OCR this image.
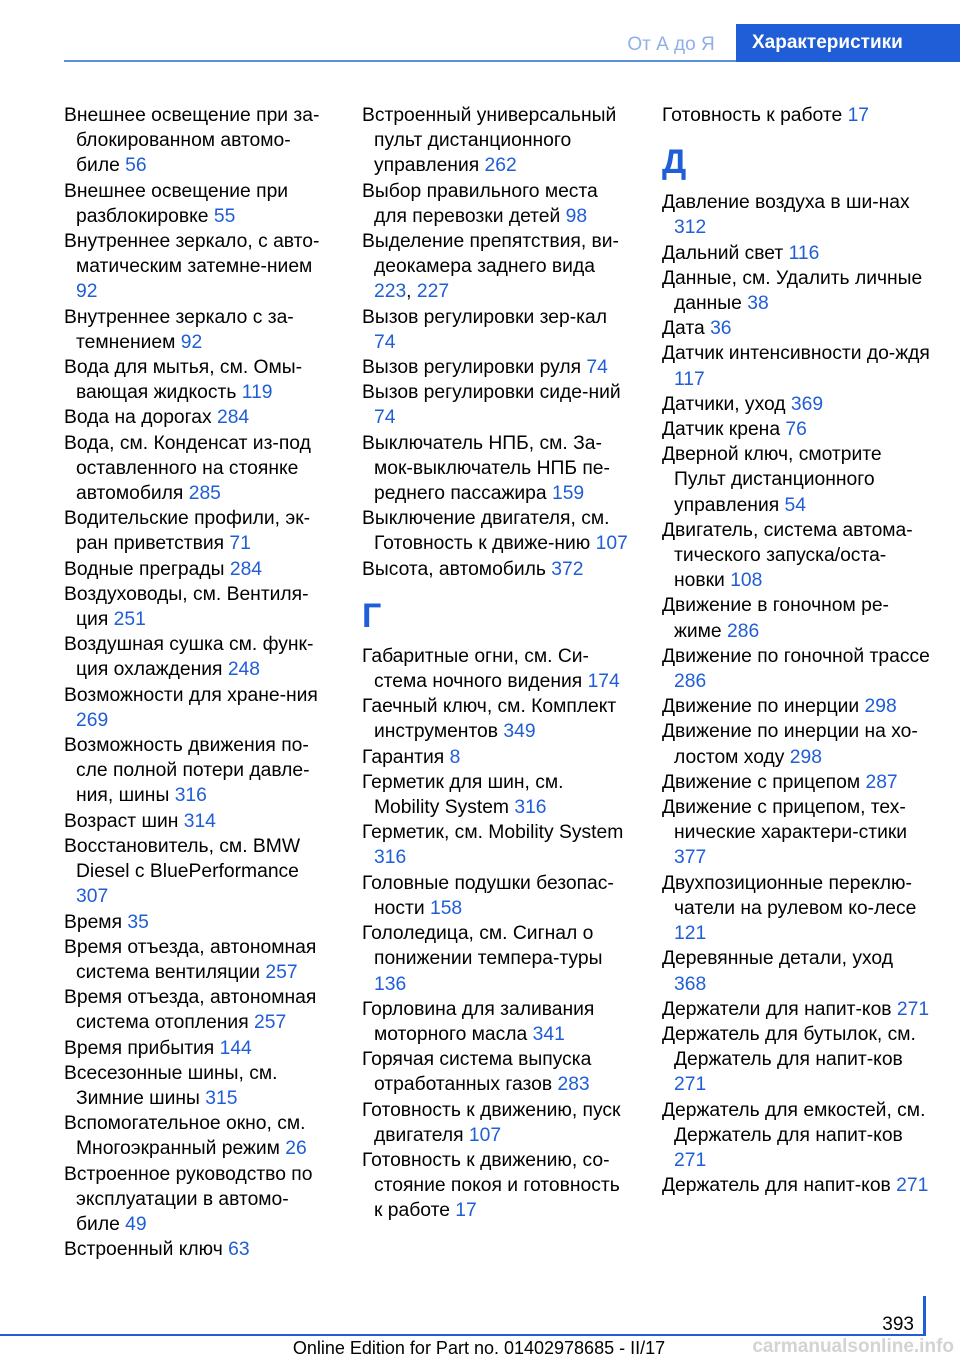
От А до Я	Характеристики
Внешнее освещение при за-блокированном автомо-биле 56
Внешнее освещение при разблокировке 55
Внутреннее зеркало, с авто-матическим затемне-нием 92
Внутреннее зеркало с за-темнением 92
Вода для мытья, см. Омы-вающая жидкость 119
Вода на дорогах 284
Вода, см. Конденсат из-под оставленного на стоянке автомобиля 285
Водительские профили, эк-ран приветствия 71
Водные преграды 284
Воздуховоды, см. Вентиля-ция 251
Воздушная сушка см. функ-ция охлаждения 248
Возможности для хране-ния 269
Возможность движения по-сле полной потери давле-ния, шины 316
Возраст шин 314
Восстановитель, см. BMW Diesel с BluePerformance 307
Время 35
Время отъезда, автономная система вентиляции 257
Время отъезда, автономная система отопления 257
Время прибытия 144
Всесезонные шины, см. Зимние шины 315
Вспомогательное окно, см. Многоэкранный режим 26
Встроенное руководство по эксплуатации в автомо-биле 49
Встроенный ключ 63
Встроенный универсальный пульт дистанционного управления 262
Выбор правильного места для перевозки детей 98
Выделение препятствия, ви-деокамера заднего вида 223, 227
Вызов регулировки зер-кал 74
Вызов регулировки руля 74
Вызов регулировки сиде-ний 74
Выключатель НПБ, см. За-мок-выключатель НПБ пе-реднего пассажира 159
Выключение двигателя, см. Готовность к движе-нию 107
Высота, автомобиль 372
Г
Габаритные огни, см. Си-стема ночного видения 174
Гаечный ключ, см. Комплект инструментов 349
Гарантия 8
Герметик для шин, см. Mobility System 316
Герметик, см. Mobility System 316
Головные подушки безопас-ности 158
Гололедица, см. Сигнал о понижении темпера-туры 136
Горловина для заливания моторного масла 341
Горячая система выпуска отработанных газов 283
Готовность к движению, пуск двигателя 107
Готовность к движению, со-стояние покоя и готовность к работе 17
Готовность к работе 17
Д
Давление воздуха в ши-нах 312
Дальний свет 116
Данные, см. Удалить личные данные 38
Дата 36
Датчик интенсивности до-ждя 117
Датчики, уход 369
Датчик крена 76
Дверной ключ, смотрите Пульт дистанционного управления 54
Двигатель, система автома-тического запуска/оста-новки 108
Движение в гоночном ре-жиме 286
Движение по гоночной трассе 286
Движение по инерции 298
Движение по инерции на хо-лостом ходу 298
Движение с прицепом 287
Движение с прицепом, тех-нические характери-стики 377
Двухпозиционные переклю-чатели на рулевом ко-лесе 121
Деревянные детали, уход 368
Держатели для напит-ков 271
Держатель для бутылок, см. Держатель для напит-ков 271
Держатель для емкостей, см. Держатель для напит-ков 271
Держатель для напит-ков 271
393
Online Edition for Part no. 01402978685 - II/17	carmanualsonline.info
